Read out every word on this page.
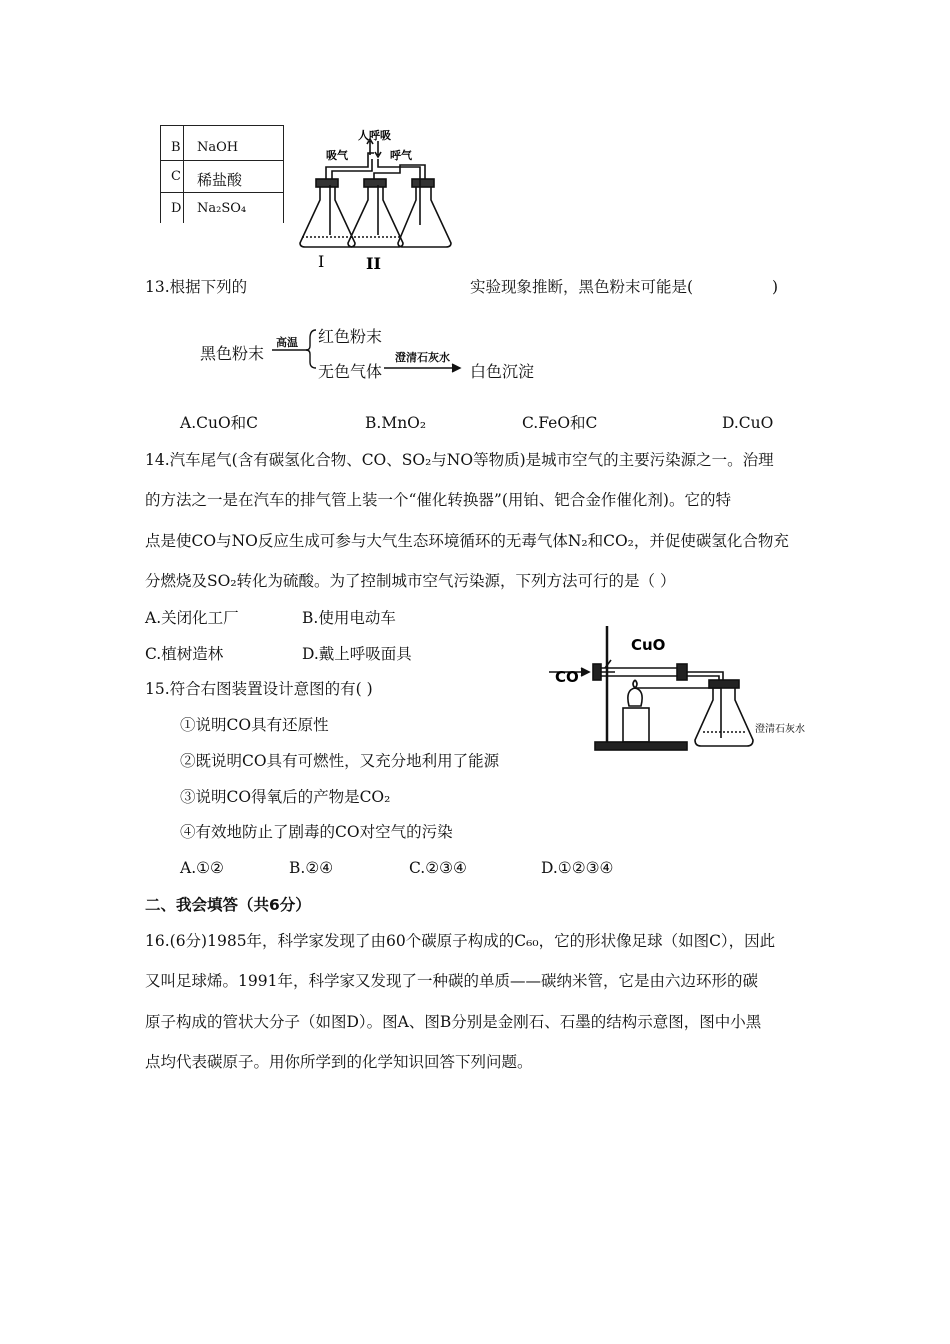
B NaOH
C 稀盐酸
D Na₂SO₄
人呼吸
吸气	呼气
I	II
13.根据下列的	实验现象推断，黑色粉末可能是(	)
黑色粉末
高温 红色粉末
无色气体
澄清石灰水
白色沉淀
A.CuO和C	B.MnO₂	C.FeO和C	D.CuO
14.汽车尾气(含有碳氢化合物、CO、SO₂与NO等物质)是城市空气的主要污染源之一。治理
的方法之一是在汽车的排气管上装一个“催化转换器”(用铂、钯合金作催化剂)。它的特
点是使CO与NO反应生成可参与大气生态环境循环的无毒气体N₂和CO₂，并促使碳氢化合物充
分燃烧及SO₂转化为硫酸。为了控制城市空气污染源，下列方法可行的是（ ）
A.关闭化工厂	B.使用电动车
C.植树造林	D.戴上呼吸面具
CO
CuO
澄清石灰水
15.符合右图装置设计意图的有( )
①说明CO具有还原性
②既说明CO具有可燃性，又充分地利用了能源
③说明CO得氧后的产物是CO₂
④有效地防止了剧毒的CO对空气的污染
A.①②	B.②④	C.②③④	D.①②③④
二、我会填答（共6分）
16.(6分)1985年，科学家发现了由60个碳原子构成的C₆₀，它的形状像足球（如图C），因此
又叫足球烯。1991年，科学家又发现了一种碳的单质——碳纳米管，它是由六边环形的碳
原子构成的管状大分子（如图D）。图A、图B分别是金刚石、石墨的结构示意图，图中小黑
点均代表碳原子。用你所学到的化学知识回答下列问题。
